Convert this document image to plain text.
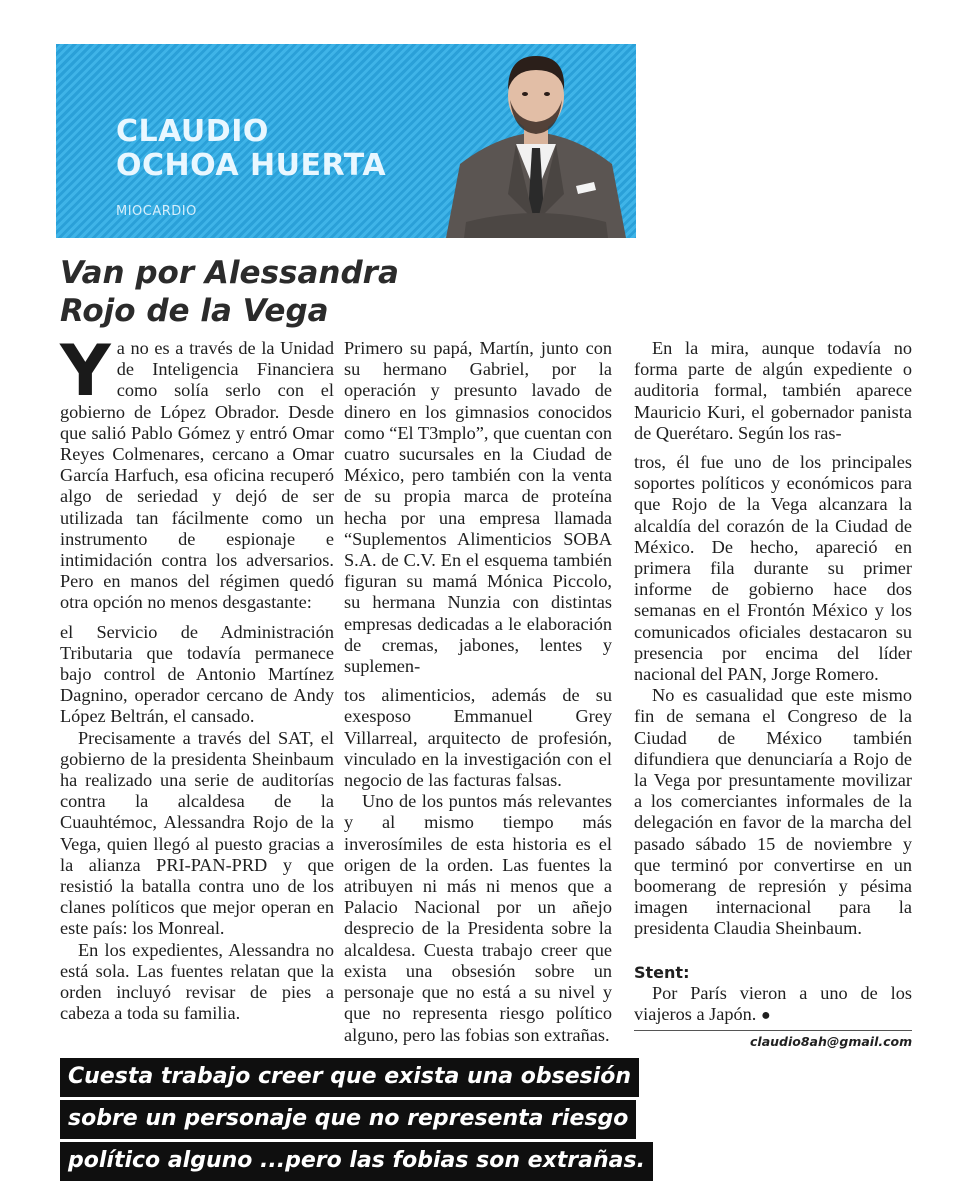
CLAUDIO
OCHOA HUERTA
MIOCARDIO
Van por Alessandra
Rojo de la Vega

Ya no es a través de la Unidad de Inteligencia Financiera como solía serlo con el gobierno de López Obrador. Desde que salió Pablo Gómez y entró Omar Reyes Colmenares, cercano a Omar García Harfuch, esa oficina recuperó algo de seriedad y dejó de ser utilizada tan fácilmente como un instrumento de espionaje e intimidación contra los adversarios. Pero en manos del régimen quedó otra opción no menos desgastante:

el Servicio de Administración Tributaria que todavía permanece bajo control de Antonio Martínez Dagnino, operador cercano de Andy López Beltrán, el cansado.

Precisamente a través del SAT, el gobierno de la presidenta Sheinbaum ha realizado una serie de auditorías contra la alcaldesa de la Cuauhtémoc, Alessandra Rojo de la Vega, quien llegó al puesto gracias a la alianza PRI-PAN-PRD y que resistió la batalla contra uno de los clanes políticos que mejor operan en este país: los Monreal.

En los expedientes, Alessandra no está sola. Las fuentes relatan que la orden incluyó revisar de pies a cabeza a toda su familia.

Primero su papá, Martín, junto con su hermano Gabriel, por la operación y presunto lavado de dinero en los gimnasios conocidos como “El T3mplo”, que cuentan con cuatro sucursales en la Ciudad de México, pero también con la venta de su propia marca de proteína hecha por una empresa llamada “Suplementos Alimenticios SOBA S.A. de C.V. En el esquema también figuran su mamá Mónica Piccolo, su hermana Nunzia con distintas empresas dedicadas a le elaboración de cremas, jabones, lentes y suplemen-

tos alimenticios, además de su exesposo Emmanuel Grey Villarreal, arquitecto de profesión, vinculado en la investigación con el negocio de las facturas falsas.

Uno de los puntos más relevantes y al mismo tiempo más inverosímiles de esta historia es el origen de la orden. Las fuentes la atribuyen ni más ni menos que a Palacio Nacional por un añejo desprecio de la Presidenta sobre la alcaldesa. Cuesta trabajo creer que exista una obsesión sobre un personaje que no está a su nivel y que no representa riesgo político alguno, pero las fobias son extrañas.

En la mira, aunque todavía no forma parte de algún expediente o auditoria formal, también aparece Mauricio Kuri, el gobernador panista de Querétaro. Según los ras-

tros, él fue uno de los principales soportes políticos y económicos para que Rojo de la Vega alcanzara la alcaldía del corazón de la Ciudad de México. De hecho, apareció en primera fila durante su primer informe de gobierno hace dos semanas en el Frontón México y los comunicados oficiales destacaron su presencia por encima del líder nacional del PAN, Jorge Romero.

No es casualidad que este mismo fin de semana el Congreso de la Ciudad de México también difundiera que denunciaría a Rojo de la Vega por presuntamente movilizar a los comerciantes informales de la delegación en favor de la marcha del pasado sábado 15 de noviembre y que terminó por convertirse en un boomerang de represión y pésima imagen internacional para la presidenta Claudia Sheinbaum.

Stent:

Por París vieron a uno de los viajeros a Japón. ●

claudio8ah@gmail.com
Cuesta trabajo creer que exista una obsesión
sobre un personaje que no representa riesgo
político alguno ...pero las fobias son extrañas.
